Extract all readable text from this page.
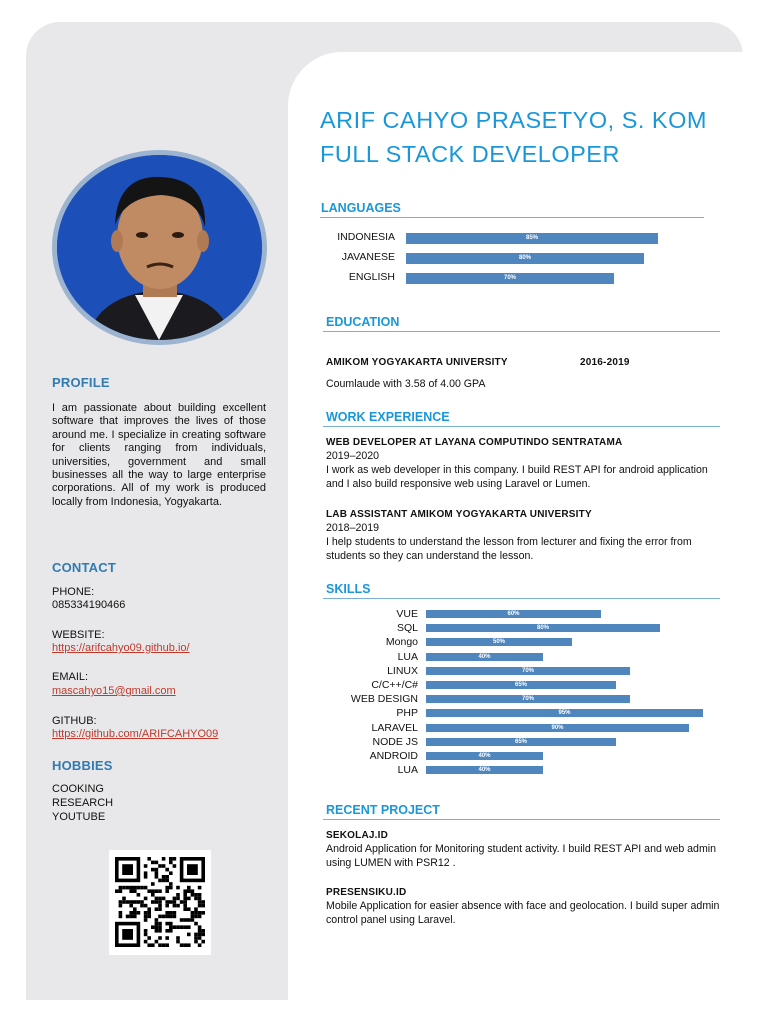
PROFILE
I am passionate about building excellent software that improves the lives of those around me. I specialize in creating software for clients ranging from individuals, universities, government and small businesses all the way to large enterprise corporations. All of my work is produced locally from Indonesia, Yogyakarta.
CONTACT
PHONE:
085334190466
WEBSITE:
https://arifcahyo09.github.io/
EMAIL:
mascahyo15@gmail.com
GITHUB:
https://github.com/ARIFCAHYO09
HOBBIES
COOKING
RESEARCH
YOUTUBE
ARIF CAHYO PRASETYO, S. KOM
FULL STACK DEVELOPER
LANGUAGES
INDONESIA	85%
JAVANESE	80%
ENGLISH	70%
EDUCATION
AMIKOM YOGYAKARTA UNIVERSITY	2016-2019
Coumlaude with 3.58 of 4.00 GPA
WORK EXPERIENCE
WEB DEVELOPER AT LAYANA COMPUTINDO SENTRATAMA
2019–2020
I work as web developer in this company. I build REST API for android application and I also build responsive web using Laravel or Lumen.
LAB ASSISTANT AMIKOM YOGYAKARTA UNIVERSITY
2018–2019
I help students to understand the lesson from lecturer and fixing the error from students so they can understand the lesson.
SKILLS
VUE	60%
SQL	80%
Mongo	50%
LUA	40%
LINUX	70%
C/C++/C#	65%
WEB DESIGN	70%
PHP	95%
LARAVEL	90%
NODE JS	65%
ANDROID	40%
LUA	40%
RECENT PROJECT
SEKOLAJ.ID
Android Application for Monitoring student activity. I build REST API and web admin using LUMEN with PSR12 .
PRESENSIKU.ID
Mobile Application for easier absence with face and geolocation. I build super admin control panel using Laravel.
